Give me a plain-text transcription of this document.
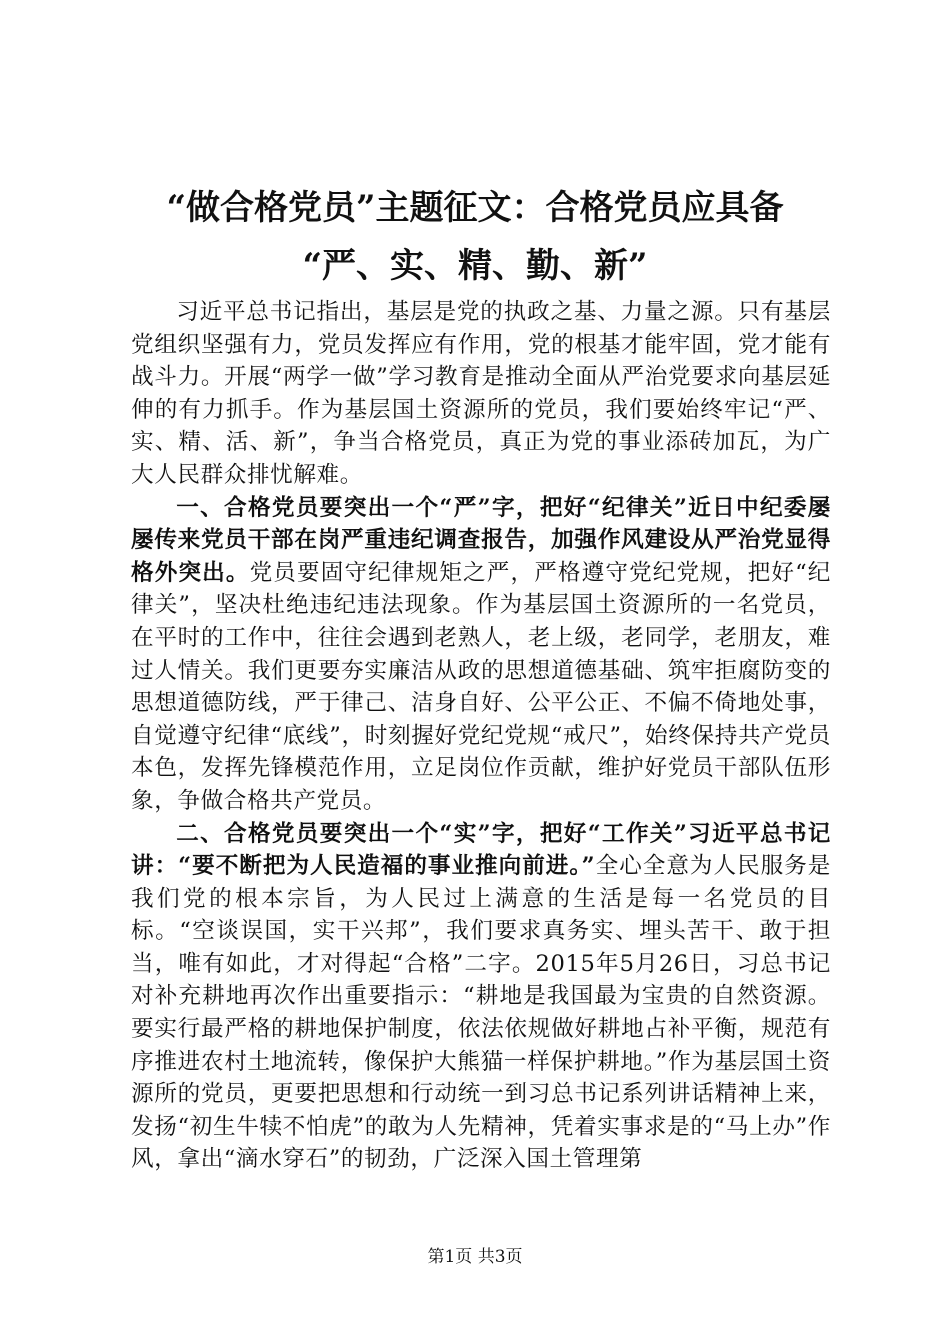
“做合格党员”主题征文：合格党员应具备
“严、实、精、勤、新”

习近平总书记指出，基层是党的执政之基、力量之源。只有基层党组织坚强有力，党员发挥应有作用，党的根基才能牢固，党才能有战斗力。开展“两学一做”学习教育是推动全面从严治党要求向基层延伸的有力抓手。作为基层国土资源所的党员，我们要始终牢记“严、实、精、活、新”，争当合格党员，真正为党的事业添砖加瓦，为广大人民群众排忧解难。

一、合格党员要突出一个“严”字，把好“纪律关”近日中纪委屡屡传来党员干部在岗严重违纪调查报告，加强作风建设从严治党显得格外突出。党员要固守纪律规矩之严，严格遵守党纪党规，把好“纪律关”，坚决杜绝违纪违法现象。作为基层国土资源所的一名党员，在平时的工作中，往往会遇到老熟人，老上级，老同学，老朋友，难过人情关。我们更要夯实廉洁从政的思想道德基础、筑牢拒腐防变的思想道德防线，严于律己、洁身自好、公平公正、不偏不倚地处事，自觉遵守纪律“底线”，时刻握好党纪党规“戒尺”，始终保持共产党员本色，发挥先锋模范作用，立足岗位作贡献，维护好党员干部队伍形象，争做合格共产党员。

二、合格党员要突出一个“实”字，把好“工作关”习近平总书记讲：“要不断把为人民造福的事业推向前进。”全心全意为人民服务是我们党的根本宗旨，为人民过上满意的生活是每一名党员的目标。“空谈误国，实干兴邦”，我们要求真务实、埋头苦干、敢于担当，唯有如此，才对得起“合格”二字。2015年5月26日，习总书记对补充耕地再次作出重要指示：“耕地是我国最为宝贵的自然资源。要实行最严格的耕地保护制度，依法依规做好耕地占补平衡，规范有序推进农村土地流转，像保护大熊猫一样保护耕地。”作为基层国土资源所的党员，更要把思想和行动统一到习总书记系列讲话精神上来，发扬“初生牛犊不怕虎”的敢为人先精神，凭着实事求是的“马上办”作风，拿出“滴水穿石”的韧劲，广泛深入国土管理第

第1页 共3页
